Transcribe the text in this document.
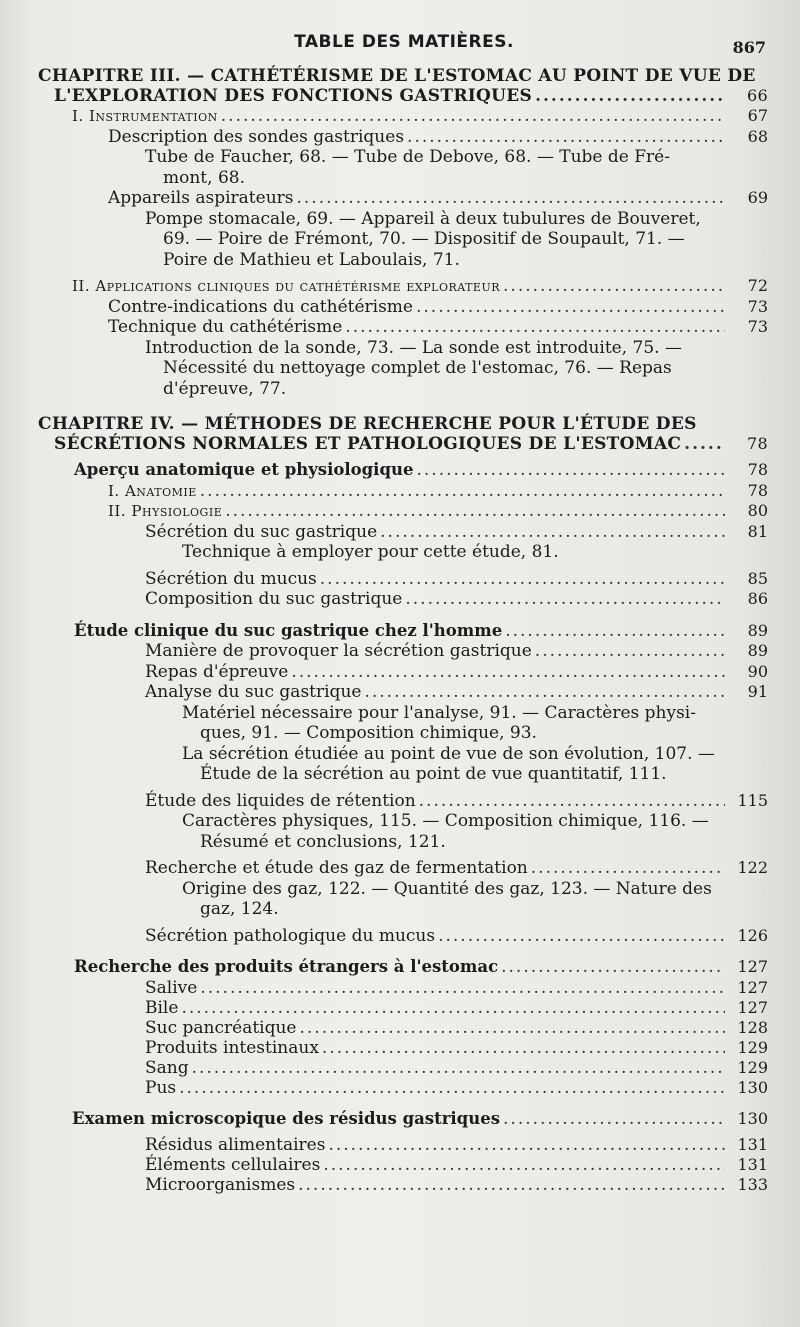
TABLE DES MATIÈRES.	867
CHAPITRE III. — CATHÉTÉRISME DE L'ESTOMAC AU POINT DE VUE DE
L'EXPLORATION DES FONCTIONS GASTRIQUES .....	66
I. Instrumentation .....	67
Description des sondes gastriques .....	68
Tube de Faucher, 68. — Tube de Debove, 68. — Tube de Fré-
mont, 68.
Appareils aspirateurs .....	69
Pompe stomacale, 69. — Appareil à deux tubulures de Bouveret,
69. — Poire de Frémont, 70. — Dispositif de Soupault, 71. —
Poire de Mathieu et Laboulais, 71.
II. Applications cliniques du cathétérisme explorateur .....	72
Contre-indications du cathétérisme .....	73
Technique du cathétérisme .....	73
Introduction de la sonde, 73. — La sonde est introduite, 75. —
Nécessité du nettoyage complet de l'estomac, 76. — Repas
d'épreuve, 77.
CHAPITRE IV. — MÉTHODES DE RECHERCHE POUR L'ÉTUDE DES
SÉCRÉTIONS NORMALES ET PATHOLOGIQUES DE L'ESTOMAC .....	78
Aperçu anatomique et physiologique .....	78
I. Anatomie .....	78
II. Physiologie .....	80
Sécrétion du suc gastrique .....	81
Technique à employer pour cette étude, 81.
Sécrétion du mucus .....	85
Composition du suc gastrique .....	86
Étude clinique du suc gastrique chez l'homme .....	89
Manière de provoquer la sécrétion gastrique .....	89
Repas d'épreuve .....	90
Analyse du suc gastrique .....	91
Matériel nécessaire pour l'analyse, 91. — Caractères physi-
ques, 91. — Composition chimique, 93.
La sécrétion étudiée au point de vue de son évolution, 107. —
Étude de la sécrétion au point de vue quantitatif, 111.
Étude des liquides de rétention .....	115
Caractères physiques, 115. — Composition chimique, 116. —
Résumé et conclusions, 121.
Recherche et étude des gaz de fermentation .....	122
Origine des gaz, 122. — Quantité des gaz, 123. — Nature des
gaz, 124.
Sécrétion pathologique du mucus .....	126
Recherche des produits étrangers à l'estomac .....	127
Salive .....	127
Bile .....	127
Suc pancréatique .....	128
Produits intestinaux .....	129
Sang .....	129
Pus .....	130
Examen microscopique des résidus gastriques .....	130
Résidus alimentaires .....	131
Éléments cellulaires .....	131
Microorganismes .....	133
